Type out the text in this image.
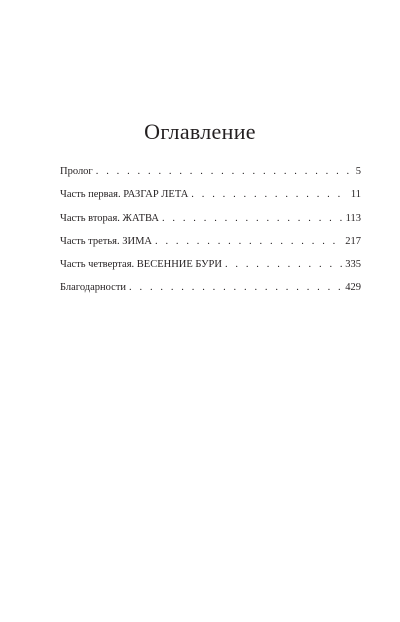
Оглавление
Пролог . . .	5
Часть первая. РАЗГАР ЛЕТА . . .	11
Часть вторая. ЖАТВА . . .	113
Часть третья. ЗИМА . . .	217
Часть четвертая. ВЕСЕННИЕ БУРИ . . .	335
Благодарности . . .	429
